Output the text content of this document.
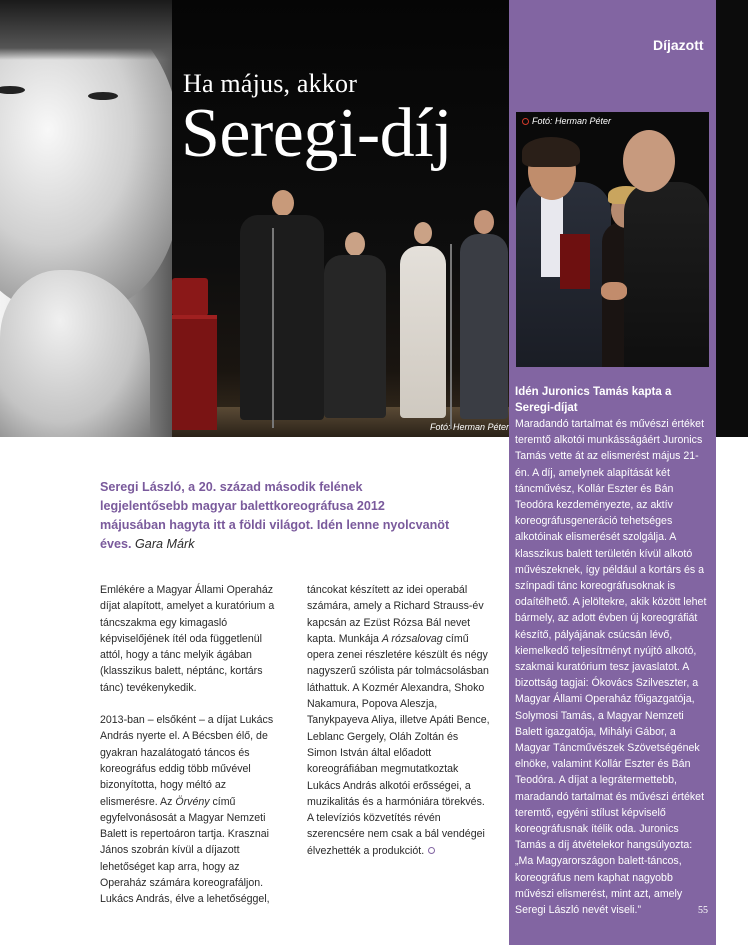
Ha május, akkor
Seregi-díj
Fotó: Herman Péter
Díjazott
Fotó: Herman Péter
Idén Juronics Tamás kapta a Seregi-díjat
Maradandó tartalmat és művészi értéket teremtő alkotói munkásságáért Juronics Tamás vette át az elismerést május 21-én. A díj, amelynek alapítását két táncművész, Kollár Eszter és Bán Teodóra kezdeményezte, az aktív koreográfusgeneráció tehetséges alkotóinak elismerését szolgálja. A klasszikus balett területén kívül alkotó művészeknek, így például a kortárs és a színpadi tánc koreográfusoknak is odaítélhető. A jelöltekre, akik között lehet bármely, az adott évben új koreográfiát készítő, pályájának csúcsán lévő, kiemelkedő teljesítményt nyújtó alkotó, szakmai kuratórium tesz javaslatot. A bizottság tagjai: Ókovács Szilveszter, a Magyar Állami Operaház főigazgatója, Solymosi Tamás, a Magyar Nemzeti Balett igazgatója, Mihályi Gábor, a Magyar Táncművészek Szövetségének elnöke, valamint Kollár Eszter és Bán Teodóra. A díjat a legrátermettebb, maradandó tartalmat és művészi értéket teremtő, egyéni stílust képviselő koreográfusnak ítélik oda. Juronics Tamás a díj átvételekor hangsúlyozta: „Ma Magyarországon balett-táncos, koreográfus nem kaphat nagyobb művészi elismerést, mint azt, amely Seregi László nevét viseli.”	55
Seregi László, a 20. század második felének legjelentősebb magyar balettkoreográfusa 2012 májusában hagyta itt a földi világot. Idén lenne nyolcvanöt éves. Gara Márk

Emlékére a Magyar Állami Operaház díjat alapított, amelyet a kuratórium a táncszakma egy kimagasló képviselőjének ítél oda függetlenül attól, hogy a tánc melyik ágában (klasszikus balett, néptánc, kortárs tánc) tevékenykedik.

2013-ban – elsőként – a díjat Lukács András nyerte el. A Bécsben élő, de gyakran hazalátogató táncos és koreográfus eddig több művével bizonyította, hogy méltó az elismerésre. Az Örvény című egyfelvonásosát a Magyar Nemzeti Balett is repertoáron tartja. Krasznai János szobrán kívül a díjazott lehetőséget kap arra, hogy az Operaház számára koreografáljon. Lukács András, élve a lehetőséggel,

táncokat készített az idei operabál számára, amely a Richard Strauss-év kapcsán az Ezüst Rózsa Bál nevet kapta. Munkája A rózsalovag című opera zenei részletére készült és négy nagyszerű szólista pár tolmácsolásban láthattuk. A Kozmér Alexandra, Shoko Nakamura, Popova Aleszja, Tanykpayeva Aliya, illetve Apáti Bence, Leblanc Gergely, Oláh Zoltán és Simon István által előadott koreográfiában megmutatkoztak Lukács András alkotói erősségei, a muzikalitás és a harmóniára törekvés. A televíziós közvetítés révén szerencsére nem csak a bál vendégei élvezhették a produkciót.
